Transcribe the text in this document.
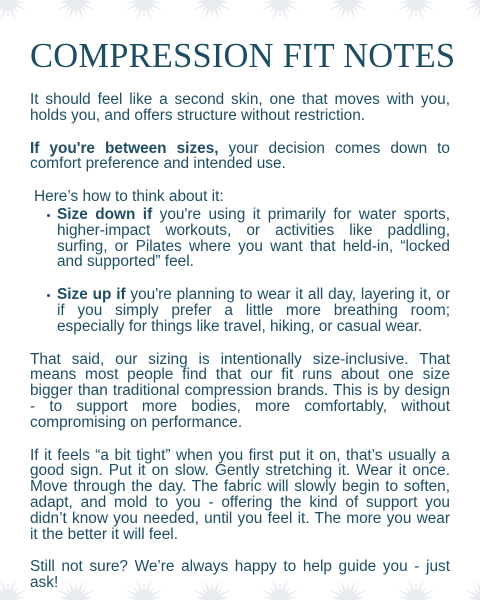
COMPRESSION FIT NOTES

It should feel like a second skin, one that moves with you, holds you, and offers structure without restriction.

If you're between sizes, your decision comes down to comfort preference and intended use.

Here’s how to think about it:

Size down if you're using it primarily for water sports, higher-impact workouts, or activities like paddling, surfing, or Pilates where you want that held-in, “locked and supported” feel.
Size up if you're planning to wear it all day, layering it, or if you simply prefer a little more breathing room; especially for things like travel, hiking, or casual wear.

That said, our sizing is intentionally size-inclusive. That means most people find that our fit runs about one size bigger than traditional compression brands. This is by design - to support more bodies, more comfortably, without compromising on performance.

If it feels “a bit tight” when you first put it on, that’s usually a good sign. Put it on slow. Gently stretching it. Wear it once. Move through the day. The fabric will slowly begin to soften, adapt, and mold to you - offering the kind of support you didn’t know you needed, until you feel it. The more you wear it the better it will feel.

Still not sure? We’re always happy to help guide you - just ask!
